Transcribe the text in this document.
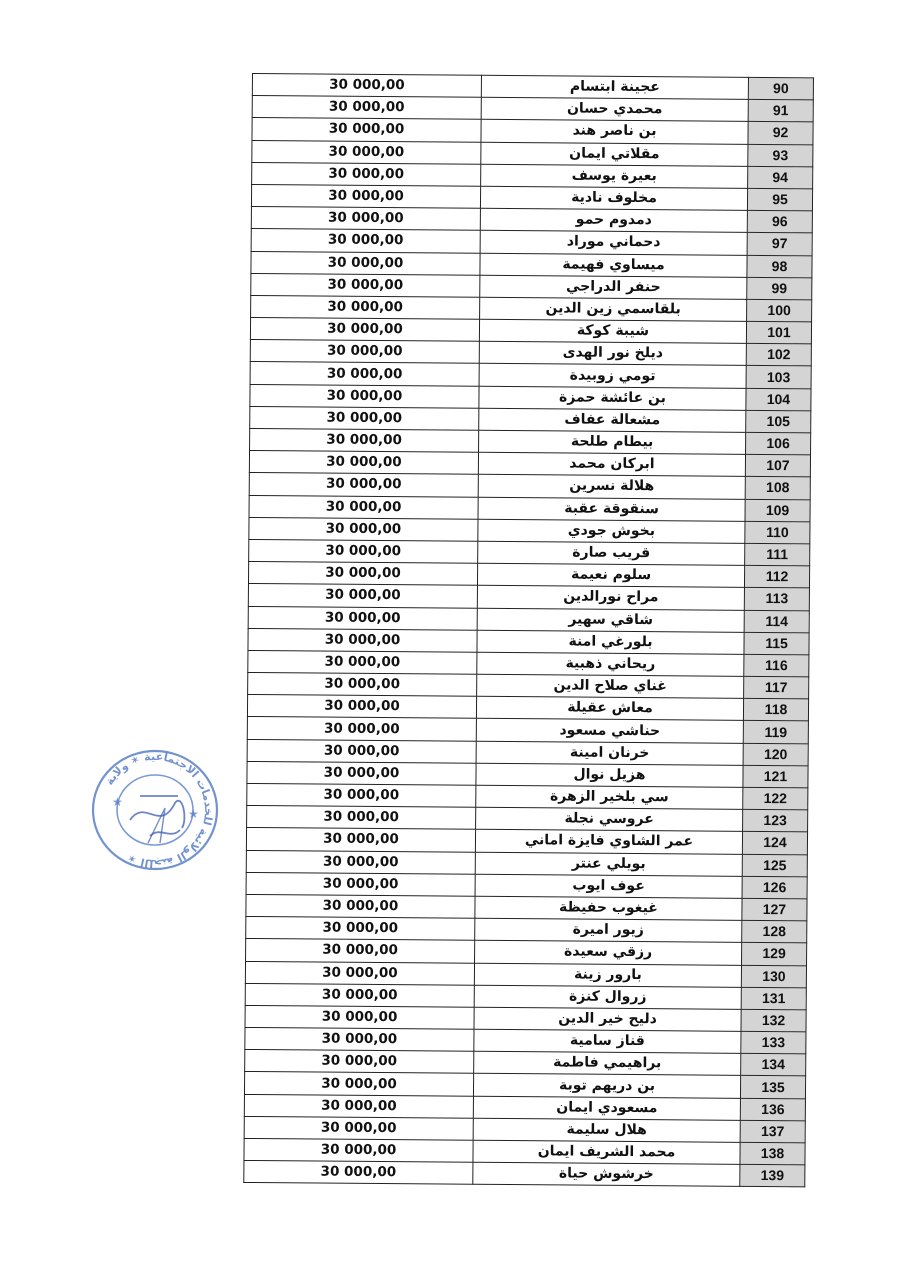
30 000,00	عجينة ابتسام	90
30 000,00	محمدي حسان	91
30 000,00	بن ناصر هند	92
30 000,00	مقلاتي ايمان	93
30 000,00	بعيرة يوسف	94
30 000,00	مخلوف نادية	95
30 000,00	دمدوم حمو	96
30 000,00	دحماني موراد	97
30 000,00	ميساوي فهيمة	98
30 000,00	حنفر الدراجي	99
30 000,00	بلقاسمي زين الدين	100
30 000,00	شيبة كوكة	101
30 000,00	ديلخ نور الهدى	102
30 000,00	تومي زوبيدة	103
30 000,00	بن عائشة حمزة	104
30 000,00	مشعالة عفاف	105
30 000,00	بيطام طلحة	106
30 000,00	ابركان محمد	107
30 000,00	هلالة نسرين	108
30 000,00	سنقوقة عقبة	109
30 000,00	بخوش جودي	110
30 000,00	قريب صارة	111
30 000,00	سلوم نعيمة	112
30 000,00	مراح نورالدين	113
30 000,00	شاقي سهير	114
30 000,00	بلورغي امنة	115
30 000,00	ريحاني ذهبية	116
30 000,00	غناي صلاح الدين	117
30 000,00	معاش عقيلة	118
30 000,00	حناشي مسعود	119
30 000,00	خرنان امينة	120
30 000,00	هزيل نوال	121
30 000,00	سي بلخير الزهرة	122
30 000,00	عروسي نجلة	123
30 000,00	عمر الشاوي فايزة اماني	124
30 000,00	بويلي عنتر	125
30 000,00	عوف ايوب	126
30 000,00	غيغوب حفيظة	127
30 000,00	زيور اميرة	128
30 000,00	رزقي سعيدة	129
30 000,00	بارور زينة	130
30 000,00	زروال كنزة	131
30 000,00	دليح خير الدين	132
30 000,00	قناز سامية	133
30 000,00	براهيمي فاطمة	134
30 000,00	بن دريهم توبة	135
30 000,00	مسعودي ايمان	136
30 000,00	هلال سليمة	137
30 000,00	محمد الشريف ايمان	138
30 000,00	خرشوش حياة	139
اللجنة الولائية للخدمات الاجتماعية ✶ ولاية ✶
★
★
